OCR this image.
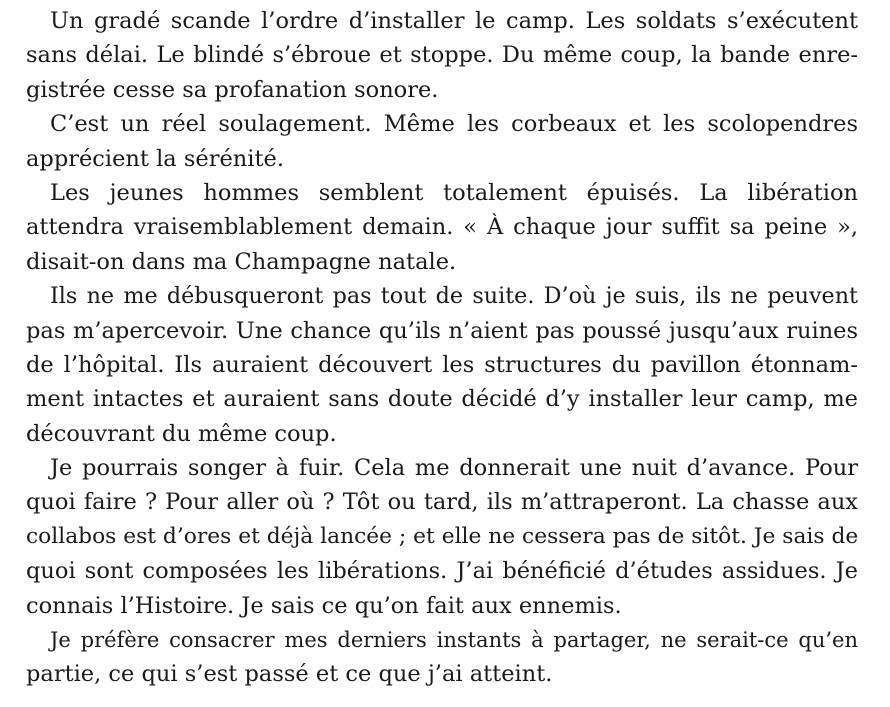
Un gradé scande l’ordre d’installer le camp. Les soldats s’exécutent
sans délai. Le blindé s’ébroue et stoppe. Du même coup, la bande enre-
gistrée cesse sa profanation sonore.
C’est un réel soulagement. Même les corbeaux et les scolopendres
apprécient la sérénité.
Les jeunes hommes semblent totalement épuisés. La libération
attendra vraisemblablement demain. « À chaque jour suffit sa peine »,
disait-on dans ma Champagne natale.
Ils ne me débusqueront pas tout de suite. D’où je suis, ils ne peuvent
pas m’apercevoir. Une chance qu’ils n’aient pas poussé jusqu’aux ruines
de l’hôpital. Ils auraient découvert les structures du pavillon étonnam-
ment intactes et auraient sans doute décidé d’y installer leur camp, me
découvrant du même coup.
Je pourrais songer à fuir. Cela me donnerait une nuit d’avance. Pour
quoi faire ? Pour aller où ? Tôt ou tard, ils m’attraperont. La chasse aux
collabos est d’ores et déjà lancée ; et elle ne cessera pas de sitôt. Je sais de
quoi sont composées les libérations. J’ai bénéficié d’études assidues. Je
connais l’Histoire. Je sais ce qu’on fait aux ennemis.
Je préfère consacrer mes derniers instants à partager, ne serait-ce qu’en
partie, ce qui s’est passé et ce que j’ai atteint.
